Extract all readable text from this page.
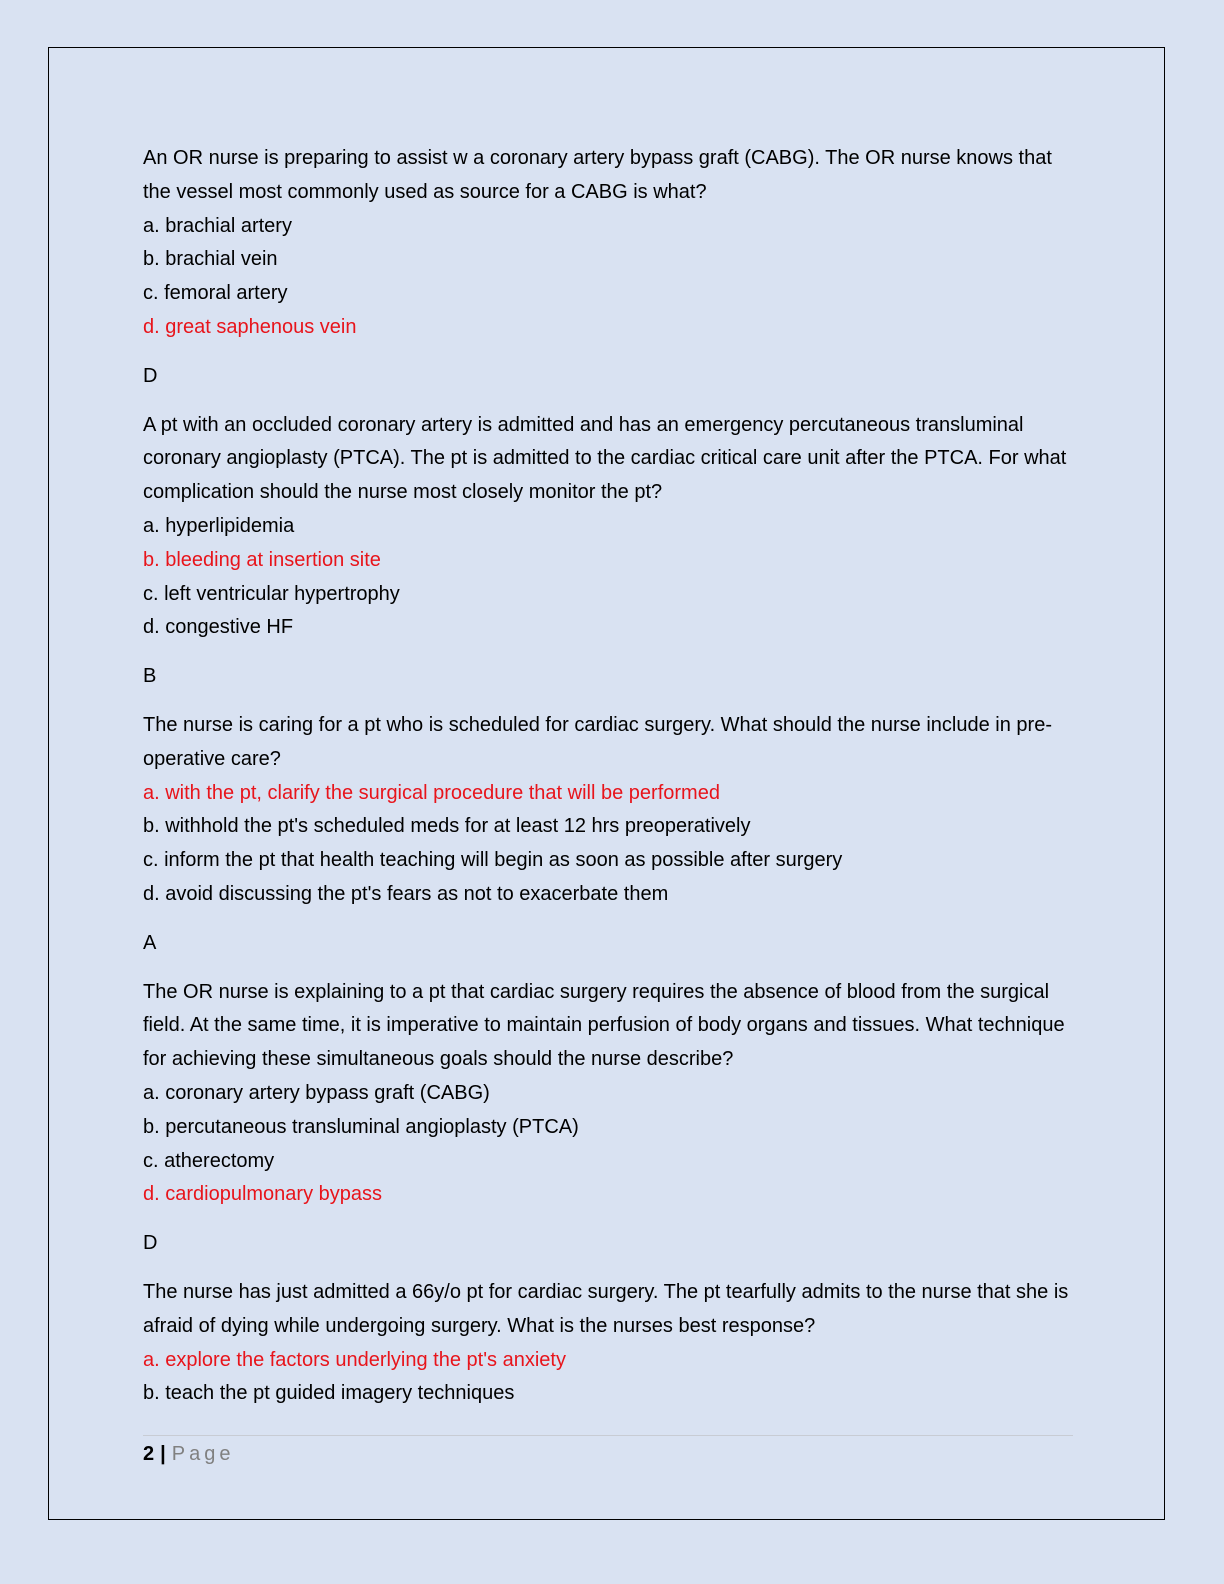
An OR nurse is preparing to assist w a coronary artery bypass graft (CABG). The OR nurse knows that the vessel most commonly used as source for a CABG is what?

a. brachial artery

b. brachial vein

c. femoral artery

d. great saphenous vein

D

A pt with an occluded coronary artery is admitted and has an emergency percutaneous transluminal coronary angioplasty (PTCA). The pt is admitted to the cardiac critical care unit after the PTCA. For what complication should the nurse most closely monitor the pt?

a. hyperlipidemia

b. bleeding at insertion site

c. left ventricular hypertrophy

d. congestive HF

B

The nurse is caring for a pt who is scheduled for cardiac surgery. What should the nurse include in pre-operative care?

a. with the pt, clarify the surgical procedure that will be performed

b. withhold the pt's scheduled meds for at least 12 hrs preoperatively

c. inform the pt that health teaching will begin as soon as possible after surgery

d. avoid discussing the pt's fears as not to exacerbate them

A

The OR nurse is explaining to a pt that cardiac surgery requires the absence of blood from the surgical field. At the same time, it is imperative to maintain perfusion of body organs and tissues. What technique for achieving these simultaneous goals should the nurse describe?

a. coronary artery bypass graft (CABG)

b. percutaneous transluminal angioplasty (PTCA)

c. atherectomy

d. cardiopulmonary bypass

D

The nurse has just admitted a 66y/o pt for cardiac surgery. The pt tearfully admits to the nurse that she is afraid of dying while undergoing surgery. What is the nurses best response?

a. explore the factors underlying the pt's anxiety

b. teach the pt guided imagery techniques

2 | Page
